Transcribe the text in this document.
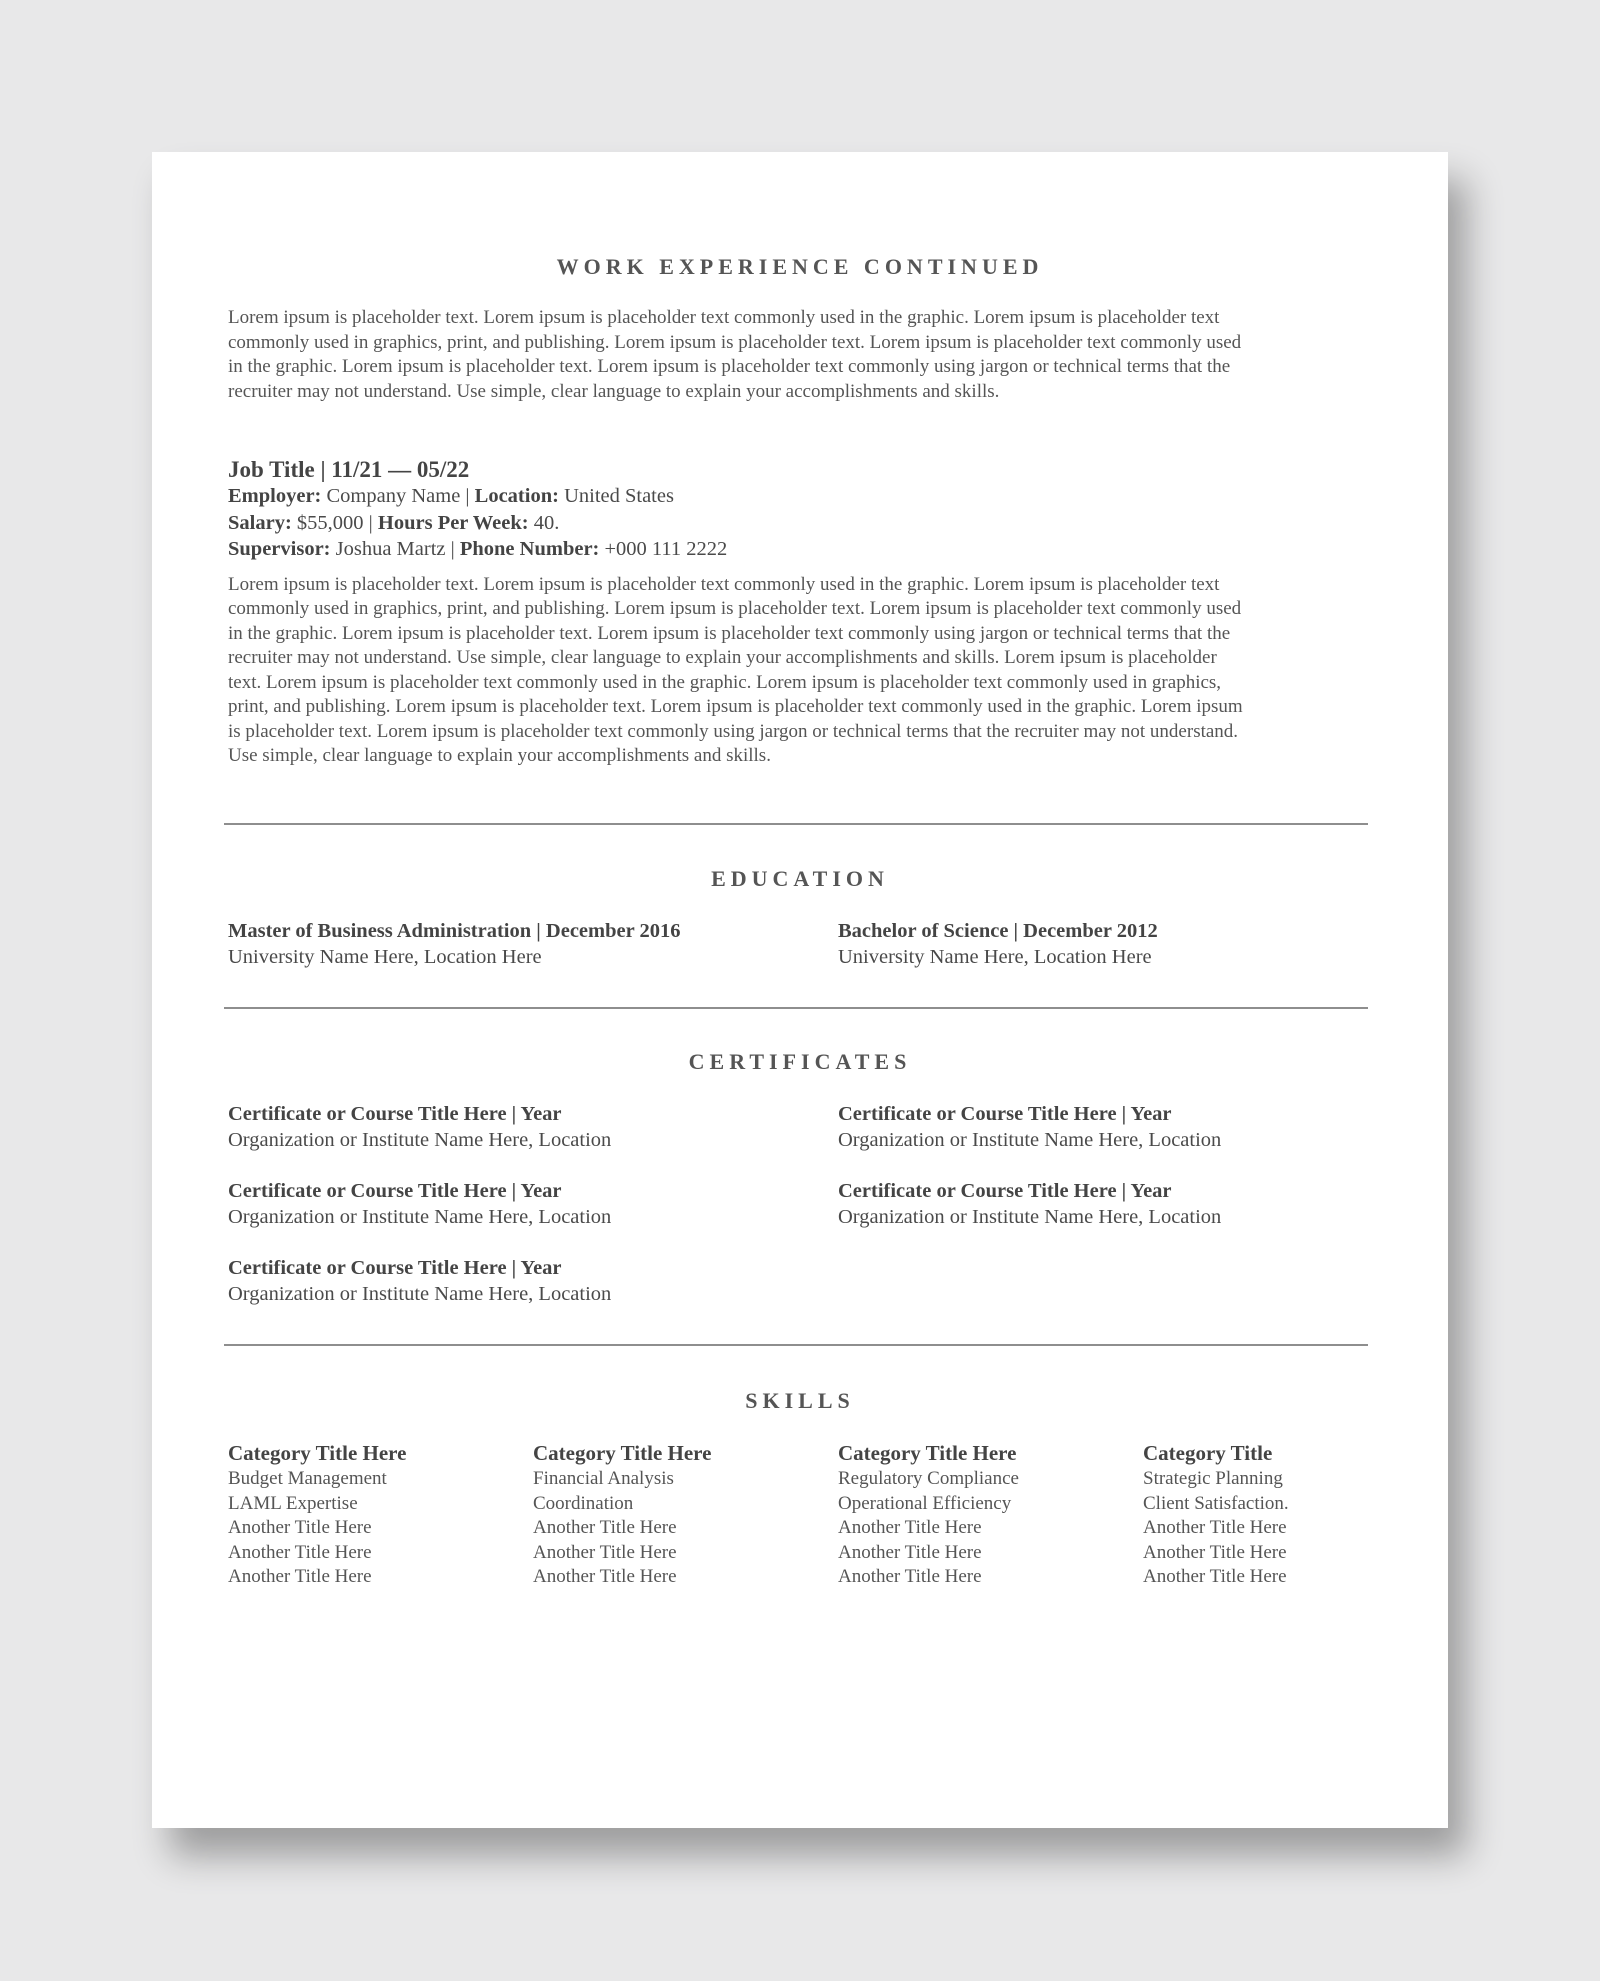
WORK EXPERIENCE CONTINUED
Lorem ipsum is placeholder text. Lorem ipsum is placeholder text commonly used in the graphic. Lorem ipsum is placeholder text
commonly used in graphics, print, and publishing. Lorem ipsum is placeholder text. Lorem ipsum is placeholder text commonly used
in the graphic. Lorem ipsum is placeholder text. Lorem ipsum is placeholder text commonly using jargon or technical terms that the
recruiter may not understand. Use simple, clear language to explain your accomplishments and skills.
Job Title | 11/21 — 05/22
Employer: Company Name | Location: United States
Salary: $55,000 | Hours Per Week: 40.
Supervisor: Joshua Martz | Phone Number: +000 111 2222
Lorem ipsum is placeholder text. Lorem ipsum is placeholder text commonly used in the graphic. Lorem ipsum is placeholder text
commonly used in graphics, print, and publishing. Lorem ipsum is placeholder text. Lorem ipsum is placeholder text commonly used
in the graphic. Lorem ipsum is placeholder text. Lorem ipsum is placeholder text commonly using jargon or technical terms that the
recruiter may not understand. Use simple, clear language to explain your accomplishments and skills. Lorem ipsum is placeholder
text. Lorem ipsum is placeholder text commonly used in the graphic. Lorem ipsum is placeholder text commonly used in graphics,
print, and publishing. Lorem ipsum is placeholder text. Lorem ipsum is placeholder text commonly used in the graphic. Lorem ipsum
is placeholder text. Lorem ipsum is placeholder text commonly using jargon or technical terms that the recruiter may not understand.
Use simple, clear language to explain your accomplishments and skills.
EDUCATION
Master of Business Administration | December 2016
University Name Here, Location Here
Bachelor of Science | December 2012
University Name Here, Location Here
CERTIFICATES
Certificate or Course Title Here | Year
Organization or Institute Name Here, Location
Certificate or Course Title Here | Year
Organization or Institute Name Here, Location
Certificate or Course Title Here | Year
Organization or Institute Name Here, Location
Certificate or Course Title Here | Year
Organization or Institute Name Here, Location
Certificate or Course Title Here | Year
Organization or Institute Name Here, Location
SKILLS
Category Title Here
Budget Management
LAML Expertise
Another Title Here
Another Title Here
Another Title Here
Category Title Here
Financial Analysis
Coordination
Another Title Here
Another Title Here
Another Title Here
Category Title Here
Regulatory Compliance
Operational Efficiency
Another Title Here
Another Title Here
Another Title Here
Category Title
Strategic Planning
Client Satisfaction.
Another Title Here
Another Title Here
Another Title Here
